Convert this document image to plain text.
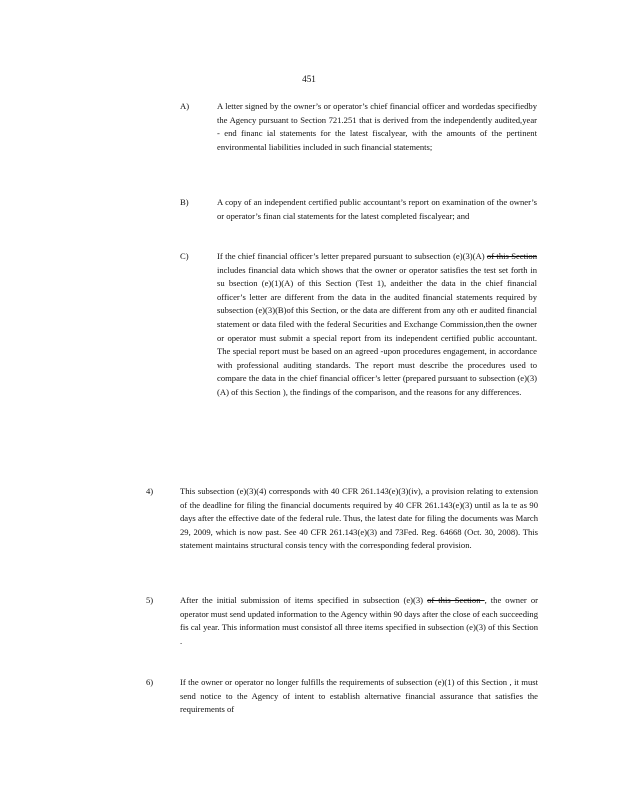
451
A)	A letter signed by the owner’s or operator’s chief financial officer and wordedas specifiedby the Agency pursuant to Section 721.251 that is derived from the independently audited,year - end financ ial statements for the latest fiscalyear, with the amounts of the pertinent environmental liabilities included in such financial statements;
B)	A copy of an independent certified public accountant’s report on examination of the owner’s or operator’s finan cial statements for the latest completed fiscalyear; and
C)	If the chief financial officer’s letter prepared pursuant to subsection (e)(3)(A) of this Section includes financial data which shows that the owner or operator satisfies the test set forth in su bsection (e)(1)(A) of this Section (Test 1), andeither the data in the chief financial officer’s letter are different from the data in the audited financial statements required by subsection (e)(3)(B)of this Section, or the data are different from any oth er audited financial statement or data filed with the federal Securities and Exchange Commission,then the owner or operator must submit a special report from its independent certified public accountant. The special report must be based on an agreed -upon procedures engagement, in accordance with professional auditing standards. The report must describe the procedures used to compare the data in the chief financial officer’s letter (prepared pursuant to subsection (e)(3)(A) of this Section ), the findings of the comparison, and the reasons for any differences.
4)	This subsection (e)(3)(4) corresponds with 40 CFR 261.143(e)(3)(iv), a provision relating to extension of the deadline for filing the financial documents required by 40 CFR 261.143(e)(3) until as la te as 90 days after the effective date of the federal rule. Thus, the latest date for filing the documents was March 29, 2009, which is now past. See 40 CFR 261.143(e)(3) and 73Fed. Reg. 64668 (Oct. 30, 2008). This statement maintains structural consis tency with the corresponding federal provision.
5)	After the initial submission of items specified in subsection (e)(3) of this Section , the owner or operator must send updated information to the Agency within 90 days after the close of each succeeding fis cal year. This information must consistof all three items specified in subsection (e)(3) of this Section .
6)	If the owner or operator no longer fulfills the requirements of subsection (e)(1) of this Section , it must send notice to the Agency of intent to establish alternative financial assurance that satisfies the requirements of
